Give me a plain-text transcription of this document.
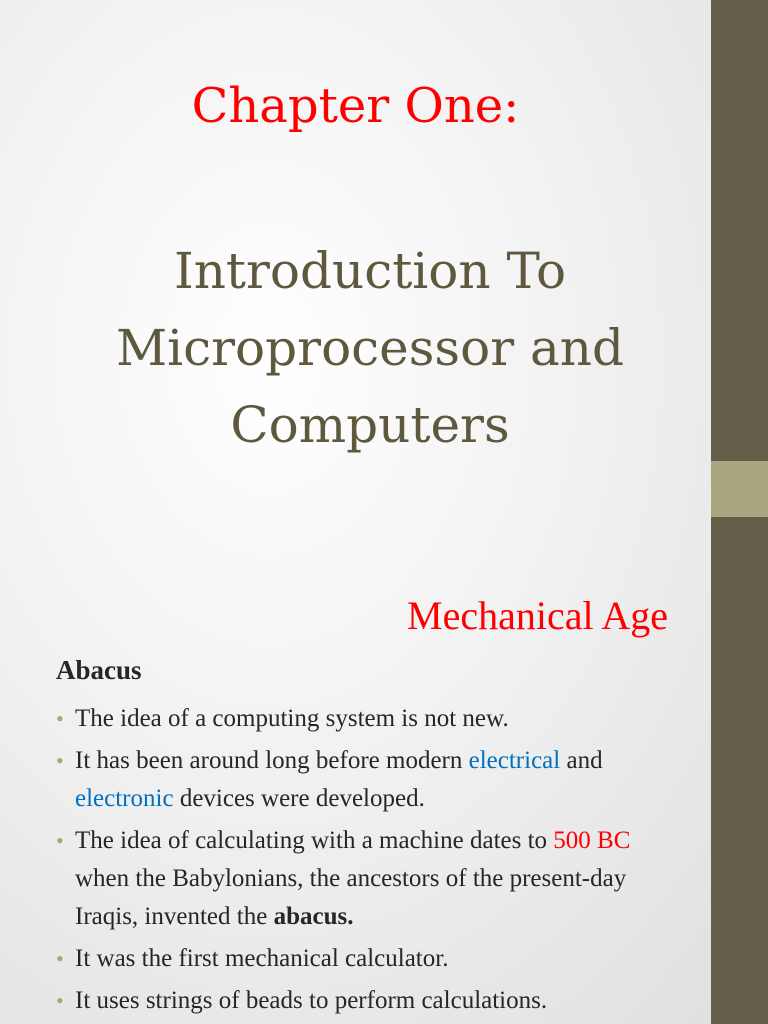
Chapter One:
Introduction To
Microprocessor and
Computers
Mechanical Age
Abacus
• The idea of a computing system is not new.
• It has been around long before modern electrical and electronic devices were developed.
• The idea of calculating with a machine dates to 500 BC when the Babylonians, the ancestors of the present-day Iraqis, invented the abacus.
• It was the first mechanical calculator.
• It uses strings of beads to perform calculations.
